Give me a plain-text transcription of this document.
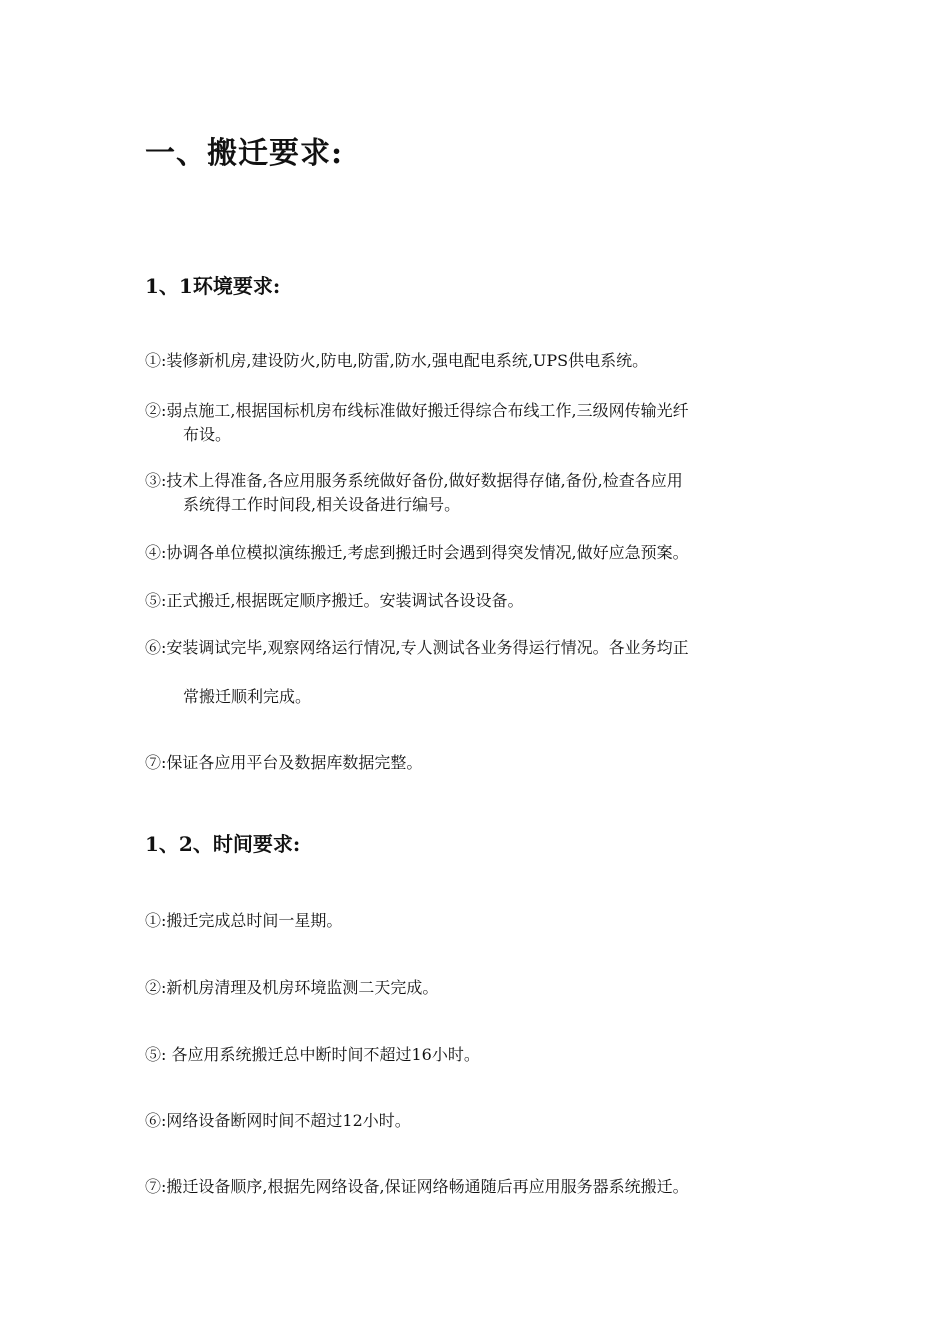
一、搬迁要求:
1、1环境要求:
①:装修新机房,建设防火,防电,防雷,防水,强电配电系统,UPS供电系统。
②:弱点施工,根据国标机房布线标准做好搬迁得综合布线工作,三级网传输光纤
布设。
③:技术上得准备,各应用服务系统做好备份,做好数据得存储,备份,检查各应用
系统得工作时间段,相关设备进行编号。
④:协调各单位模拟演练搬迁,考虑到搬迁时会遇到得突发情况,做好应急预案。
⑤:正式搬迁,根据既定顺序搬迁。安装调试各设设备。
⑥:安装调试完毕,观察网络运行情况,专人测试各业务得运行情况。各业务均正
常搬迁顺利完成。
⑦:保证各应用平台及数据库数据完整。
1、2、时间要求:
①:搬迁完成总时间一星期。
②:新机房清理及机房环境监测二天完成。
⑤: 各应用系统搬迁总中断时间不超过16小时。
⑥:网络设备断网时间不超过12小时。
⑦:搬迁设备顺序,根据先网络设备,保证网络畅通随后再应用服务器系统搬迁。
